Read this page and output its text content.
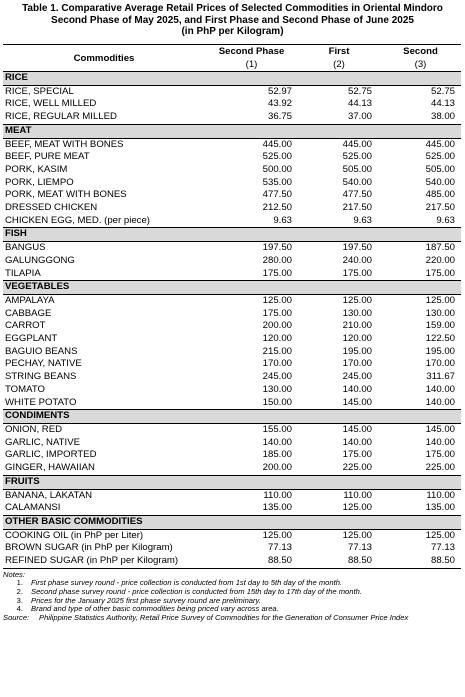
Table 1. Comparative Average Retail Prices of Selected Commodities in Oriental Mindoro
Second Phase of May 2025, and First Phase and Second Phase of June 2025
(in PhP per Kilogram)
Commodities	Second Phase	First	Second
	(1)	(2)	(3)
RICE			
RICE, SPECIAL	52.97	52.75	52.75
RICE, WELL MILLED	43.92	44.13	44.13
RICE, REGULAR MILLED	36.75	37.00	38.00
MEAT			
BEEF, MEAT WITH BONES	445.00	445.00	445.00
BEEF, PURE MEAT	525.00	525.00	525.00
PORK, KASIM	500.00	505.00	505.00
PORK, LIEMPO	535.00	540.00	540.00
PORK, MEAT WITH BONES	477.50	477.50	485.00
DRESSED CHICKEN	212.50	217.50	217.50
CHICKEN EGG, MED. (per piece)	9.63	9.63	9.63
FISH			
BANGUS	197.50	197.50	187.50
GALUNGGONG	280.00	240.00	220.00
TILAPIA	175.00	175.00	175.00
VEGETABLES			
AMPALAYA	125.00	125.00	125.00
CABBAGE	175.00	130.00	130.00
CARROT	200.00	210.00	159.00
EGGPLANT	120.00	120.00	122.50
BAGUIO BEANS	215.00	195.00	195.00
PECHAY, NATIVE	170.00	170.00	170.00
STRING BEANS	245.00	245.00	311.67
TOMATO	130.00	140.00	140.00
WHITE POTATO	150.00	145.00	140.00
CONDIMENTS			
ONION, RED	155.00	145.00	145.00
GARLIC, NATIVE	140.00	140.00	140.00
GARLIC, IMPORTED	185.00	175.00	175.00
GINGER, HAWAIIAN	200.00	225.00	225.00
FRUITS			
BANANA, LAKATAN	110.00	110.00	110.00
CALAMANSI	135.00	125.00	135.00
OTHER BASIC COMMODITIES			
COOKING OIL (in PhP per Liter)	125.00	125.00	125.00
BROWN SUGAR (in PhP per Kilogram)	77.13	77.13	77.13
REFINED SUGAR (in PhP per Kilogram)	88.50	88.50	88.50
Notes:
1.	First phase survey round - price collection is conducted from 1st day to 5th day of the month.
2.	Second phase survey round - price collection is conducted from 15th day to 17th day of the month.
3.	Prices for the January 2025 first phase survey round are preliminary.
4.	Brand and type of other basic commodities being priced vary across area.
Source:	Philippine Statistics Authority, Retail Price Survey of Commodities for the Generation of Consumer Price Index
